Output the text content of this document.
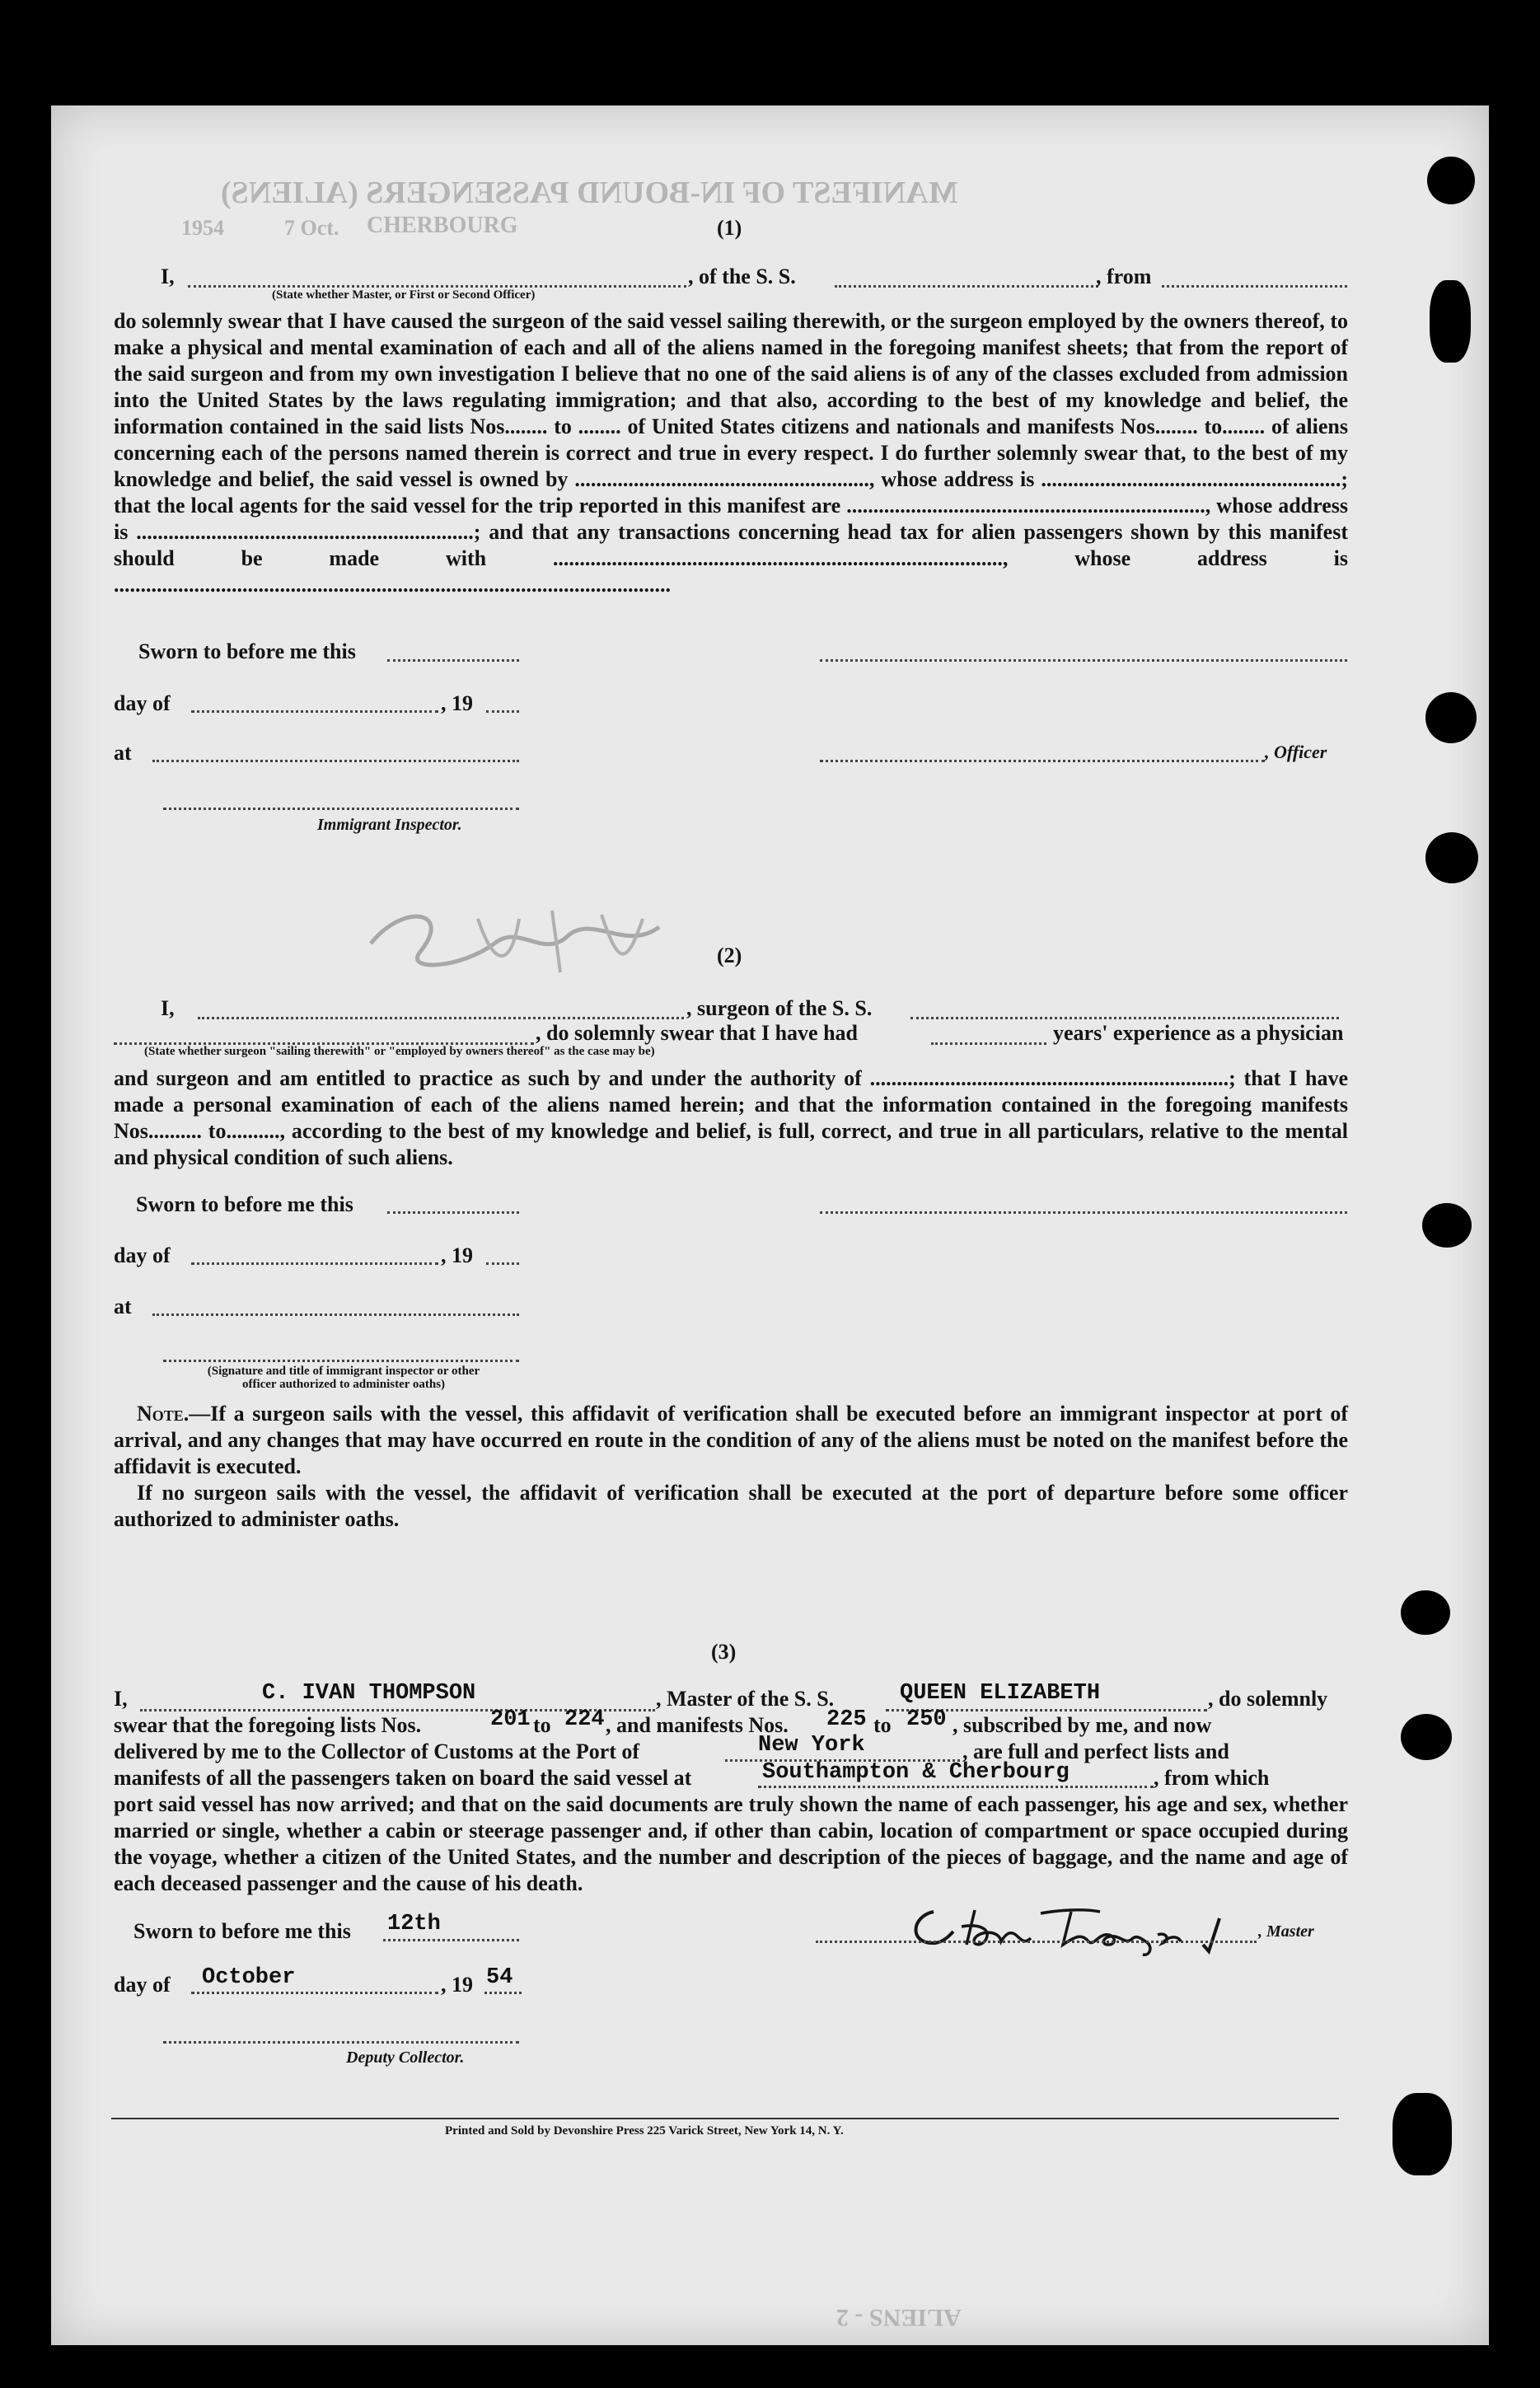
MANIFEST OF IN-BOUND PASSENGERS (ALIENS)
CHERBOURG
7 Oct.
1954	(1)
I,
(State whether Master, or First or Second Officer)
, of the S. S.	, from
do solemnly swear that I have caused the surgeon of the said vessel sailing therewith, or the surgeon employed by the owners thereof, to make a physical and mental examination of each and all of the aliens named in the foregoing manifest sheets; that from the report of the said surgeon and from my own investigation I believe that no one of the said aliens is of any of the classes excluded from admission into the United States by the laws regulating immigration; and that also, according to the best of my knowledge and belief, the information contained in the said lists Nos........ to ........ of United States citizens and nationals and manifests Nos........ to........ of aliens concerning each of the persons named therein is correct and true in every respect. I do further solemnly swear that, to the best of my knowledge and belief, the said vessel is owned by ......................................................., whose address is ........................................................; that the local agents for the said vessel for the trip reported in this manifest are ..................................................................., whose address is ...............................................................; and that any transactions concerning head tax for alien passengers shown by this manifest should be made with ...................................................................................., whose address is ........................................................................................................
Sworn to before me this
day of	, 19
at	, Officer
Immigrant Inspector.
(2)
I,	, surgeon of the S. S.
, do solemnly swear that I have had	years' experience as a physician
(State whether surgeon "sailing therewith" or "employed by owners thereof" as the case may be)
and surgeon and am entitled to practice as such by and under the authority of ...................................................................; that I have made a personal examination of each of the aliens named herein; and that the information contained in the foregoing manifests Nos.......... to.........., according to the best of my knowledge and belief, is full, correct, and true in all particulars, relative to the mental and physical condition of such aliens.
Sworn to before me this
day of	, 19
at
(Signature and title of immigrant inspector or other officer authorized to administer oaths)
Note.—If a surgeon sails with the vessel, this affidavit of verification shall be executed before an immigrant inspector at port of arrival, and any changes that may have occurred en route in the condition of any of the aliens must be noted on the manifest before the affidavit is executed.
If no surgeon sails with the vessel, the affidavit of verification shall be executed at the port of departure before some officer authorized to administer oaths.
(3)
I,	C. IVAN THOMPSON	, Master of the S. S.	QUEEN ELIZABETH	, do solemnly
swear that the foregoing lists Nos.	201 to 224 , and manifests Nos. 225 to 250 , subscribed by me, and now
delivered by me to the Collector of Customs at the Port of	New York	, are full and perfect lists and
manifests of all the passengers taken on board the said vessel at	Southampton & Cherbourg	, from which
port said vessel has now arrived; and that on the said documents are truly shown the name of each passenger, his age and sex, whether married or single, whether a cabin or steerage passenger and, if other than cabin, location of compartment or space occupied during the voyage, whether a citizen of the United States, and the number and description of the pieces of baggage, and the name and age of each deceased passenger and the cause of his death.
Sworn to before me this 12th	, Master
day of October	, 19 54
Deputy Collector.
Printed and Sold by Devonshire Press 225 Varick Street, New York 14, N. Y.
ALIENS - 2
